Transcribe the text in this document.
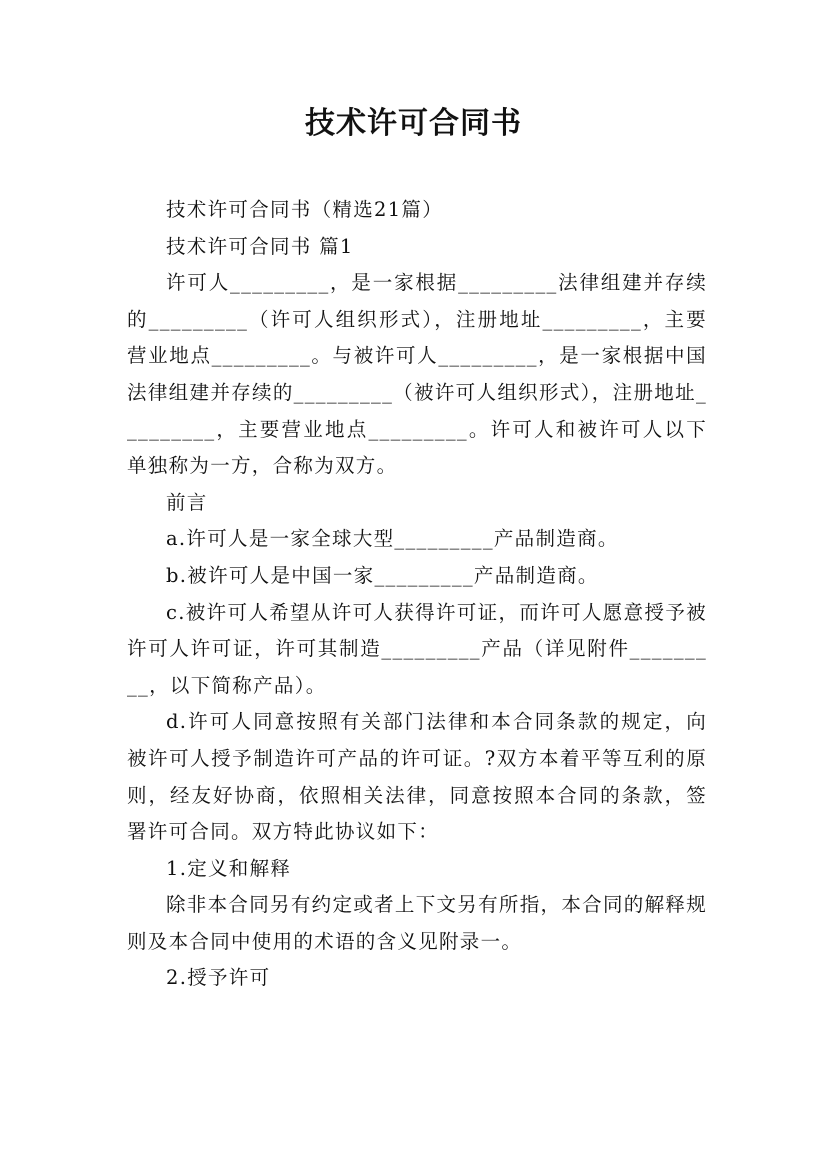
技术许可合同书

技术许可合同书（精选21篇）

技术许可合同书 篇1

许可人_________，是一家根据_________法律组建并存续的_________（许可人组织形式），注册地址_________，主要营业地点_________。与被许可人_________，是一家根据中国法律组建并存续的_________（被许可人组织形式），注册地址_________，主要营业地点_________。许可人和被许可人以下单独称为一方，合称为双方。

前言

a.许可人是一家全球大型_________产品制造商。

b.被许可人是中国一家_________产品制造商。

c.被许可人希望从许可人获得许可证，而许可人愿意授予被许可人许可证，许可其制造_________产品（详见附件_________，以下简称产品）。

d.许可人同意按照有关部门法律和本合同条款的规定，向被许可人授予制造许可产品的许可证。?双方本着平等互利的原则，经友好协商，依照相关法律，同意按照本合同的条款，签署许可合同。双方特此协议如下：

1.定义和解释

除非本合同另有约定或者上下文另有所指，本合同的解释规则及本合同中使用的术语的含义见附录一。

2.授予许可
